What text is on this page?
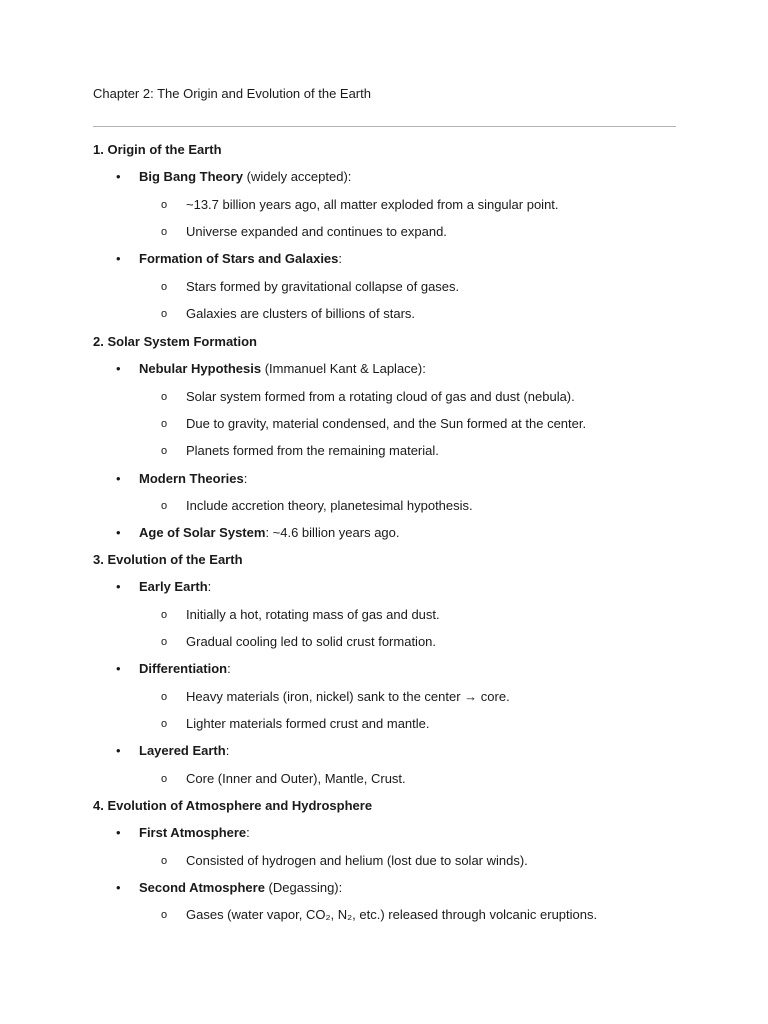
Chapter 2: The Origin and Evolution of the Earth
1. Origin of the Earth
• Big Bang Theory (widely accepted):
o ~13.7 billion years ago, all matter exploded from a singular point.
o Universe expanded and continues to expand.
• Formation of Stars and Galaxies:
o Stars formed by gravitational collapse of gases.
o Galaxies are clusters of billions of stars.
2. Solar System Formation
• Nebular Hypothesis (Immanuel Kant & Laplace):
o Solar system formed from a rotating cloud of gas and dust (nebula).
o Due to gravity, material condensed, and the Sun formed at the center.
o Planets formed from the remaining material.
• Modern Theories:
o Include accretion theory, planetesimal hypothesis.
• Age of Solar System: ~4.6 billion years ago.
3. Evolution of the Earth
• Early Earth:
o Initially a hot, rotating mass of gas and dust.
o Gradual cooling led to solid crust formation.
• Differentiation:
o Heavy materials (iron, nickel) sank to the center → core.
o Lighter materials formed crust and mantle.
• Layered Earth:
o Core (Inner and Outer), Mantle, Crust.
4. Evolution of Atmosphere and Hydrosphere
• First Atmosphere:
o Consisted of hydrogen and helium (lost due to solar winds).
• Second Atmosphere (Degassing):
o Gases (water vapor, CO₂, N₂, etc.) released through volcanic eruptions.
